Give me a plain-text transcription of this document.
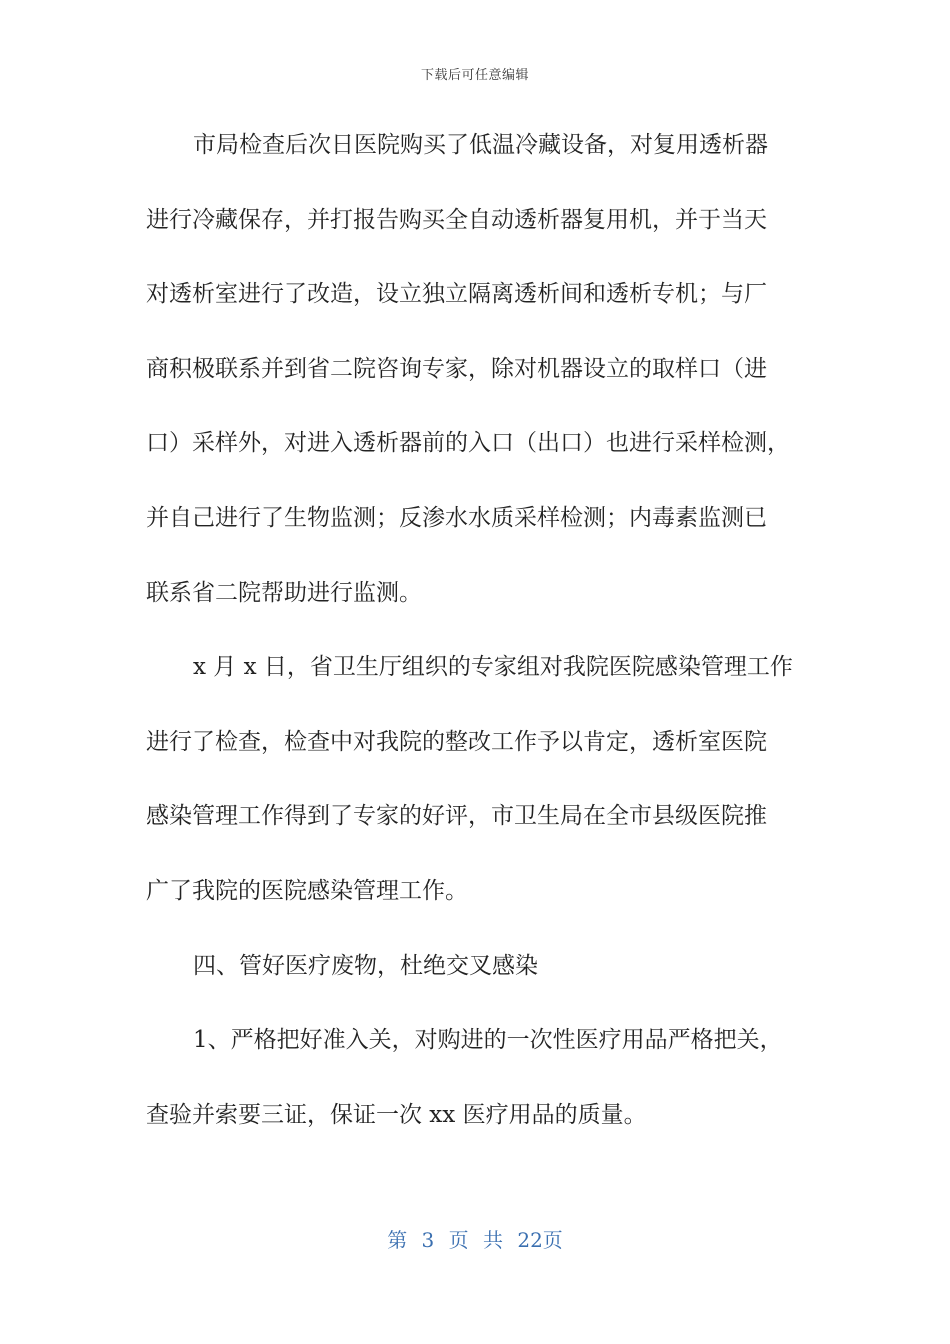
下载后可任意编辑
市局检查后次日医院购买了低温冷藏设备，对复用透析器
进行冷藏保存，并打报告购买全自动透析器复用机，并于当天
对透析室进行了改造，设立独立隔离透析间和透析专机；与厂
商积极联系并到省二院咨询专家，除对机器设立的取样口（进
口）采样外，对进入透析器前的入口（出口）也进行采样检测，
并自己进行了生物监测；反渗水水质采样检测；内毒素监测已
联系省二院帮助进行监测。
x 月 x 日，省卫生厅组织的专家组对我院医院感染管理工作
进行了检查，检查中对我院的整改工作予以肯定，透析室医院
感染管理工作得到了专家的好评，市卫生局在全市县级医院推
广了我院的医院感染管理工作。
四、管好医疗废物，杜绝交叉感染
1、严格把好准入关，对购进的一次性医疗用品严格把关，
查验并索要三证，保证一次 xx 医疗用品的质量。
第 3 页 共 22页
